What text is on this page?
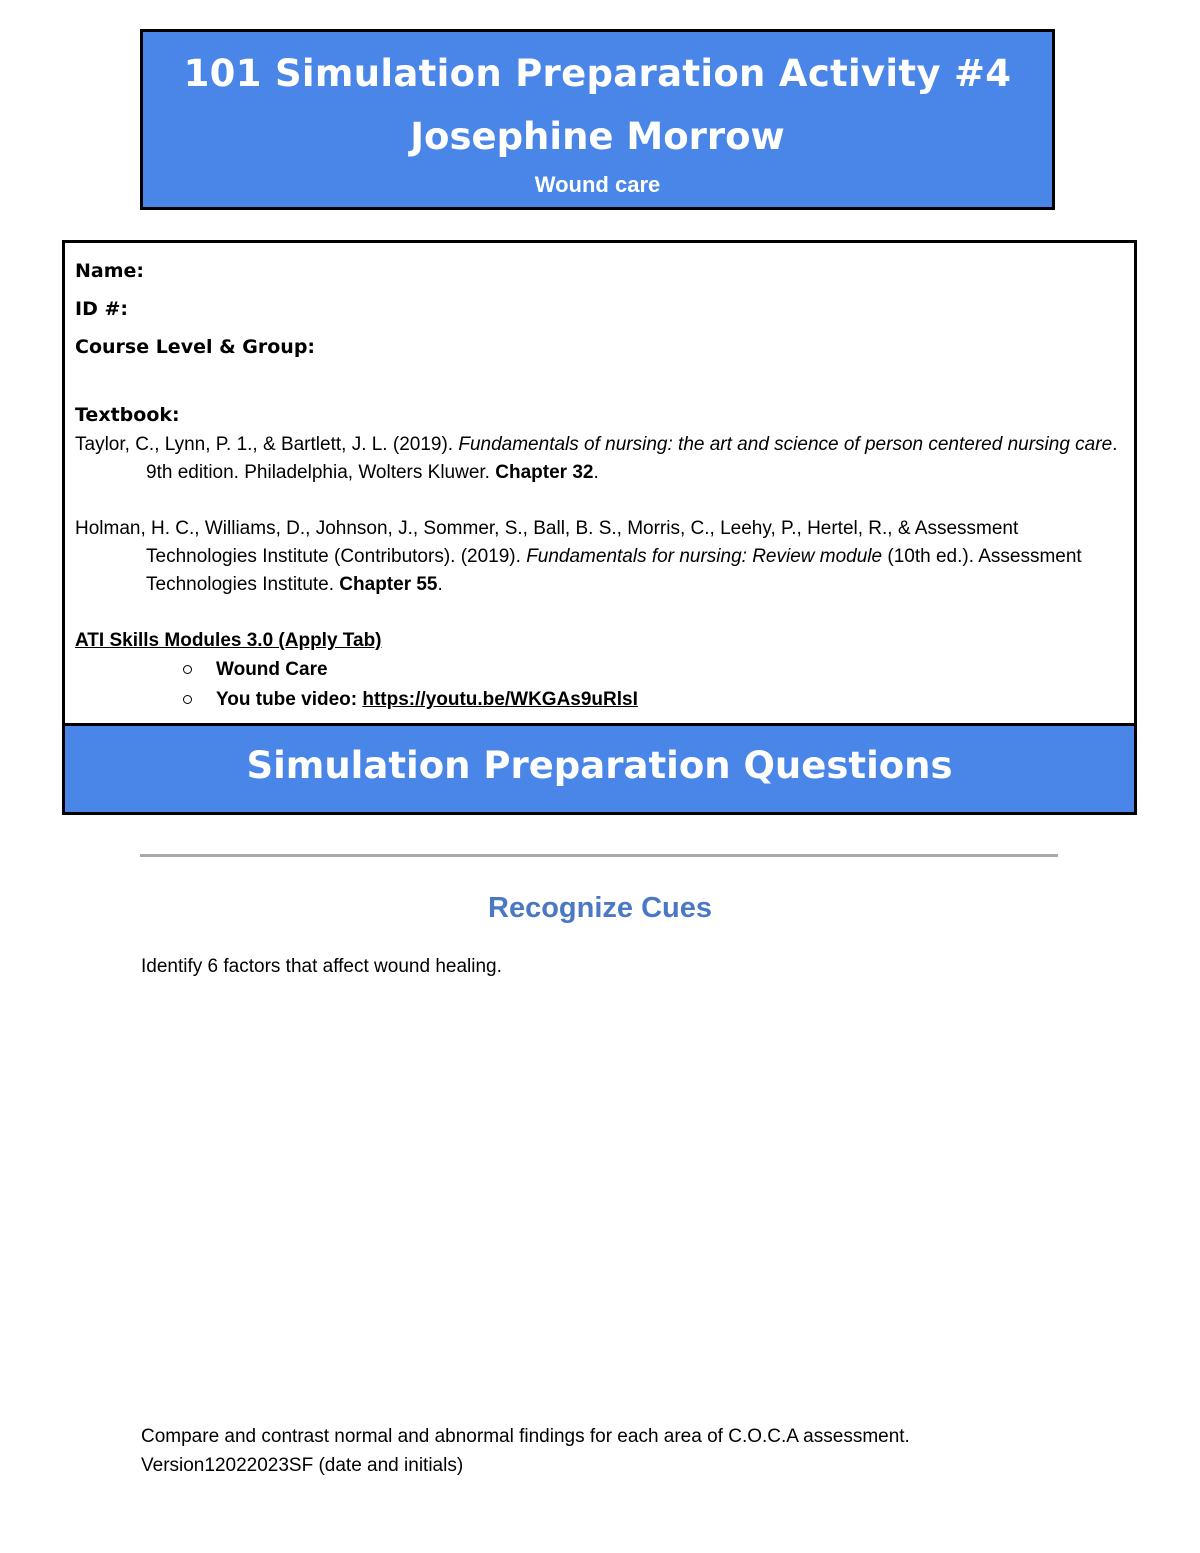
101 Simulation Preparation Activity #4
Josephine Morrow
Wound care
Name:
ID #:
Course Level & Group:
Textbook:
Taylor, C., Lynn, P. 1., & Bartlett, J. L. (2019). Fundamentals of nursing: the art and science of person centered nursing care. 9th edition. Philadelphia, Wolters Kluwer. Chapter 32.
Holman, H. C., Williams, D., Johnson, J., Sommer, S., Ball, B. S., Morris, C., Leehy, P., Hertel, R., & Assessment Technologies Institute (Contributors). (2019). Fundamentals for nursing: Review module (10th ed.). Assessment Technologies Institute. Chapter 55.
ATI Skills Modules 3.0 (Apply Tab)
Wound Care
You tube video: https://youtu.be/WKGAs9uRlsI
Simulation Preparation Questions
Recognize Cues
Identify 6 factors that affect wound healing.
Compare and contrast normal and abnormal findings for each area of C.O.C.A assessment.
Version12022023SF (date and initials)
